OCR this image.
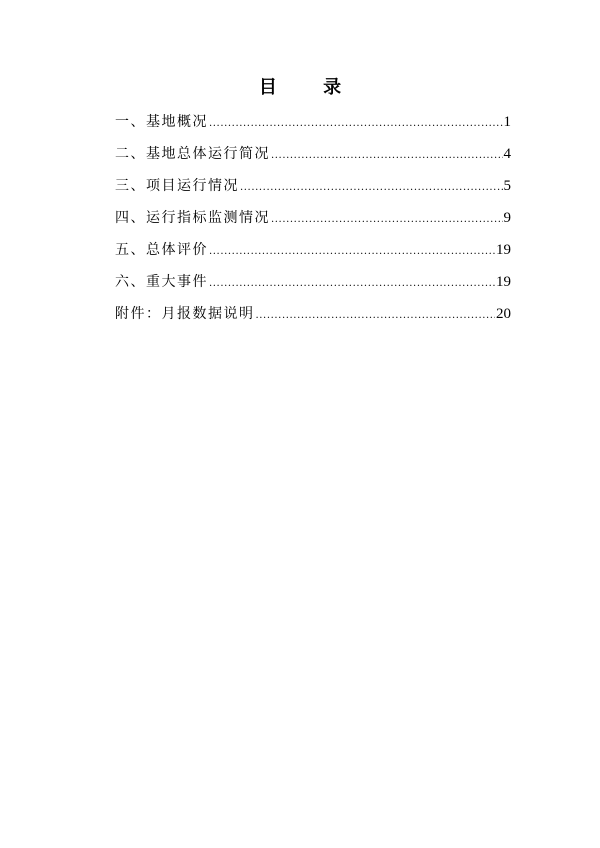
目 录
一、基地概况 .....	1
二、基地总体运行简况 .....	4
三、项目运行情况 .....	5
四、运行指标监测情况 .....	9
五、总体评价 .....	19
六、重大事件 .....	19
附件：月报数据说明 .....	20
